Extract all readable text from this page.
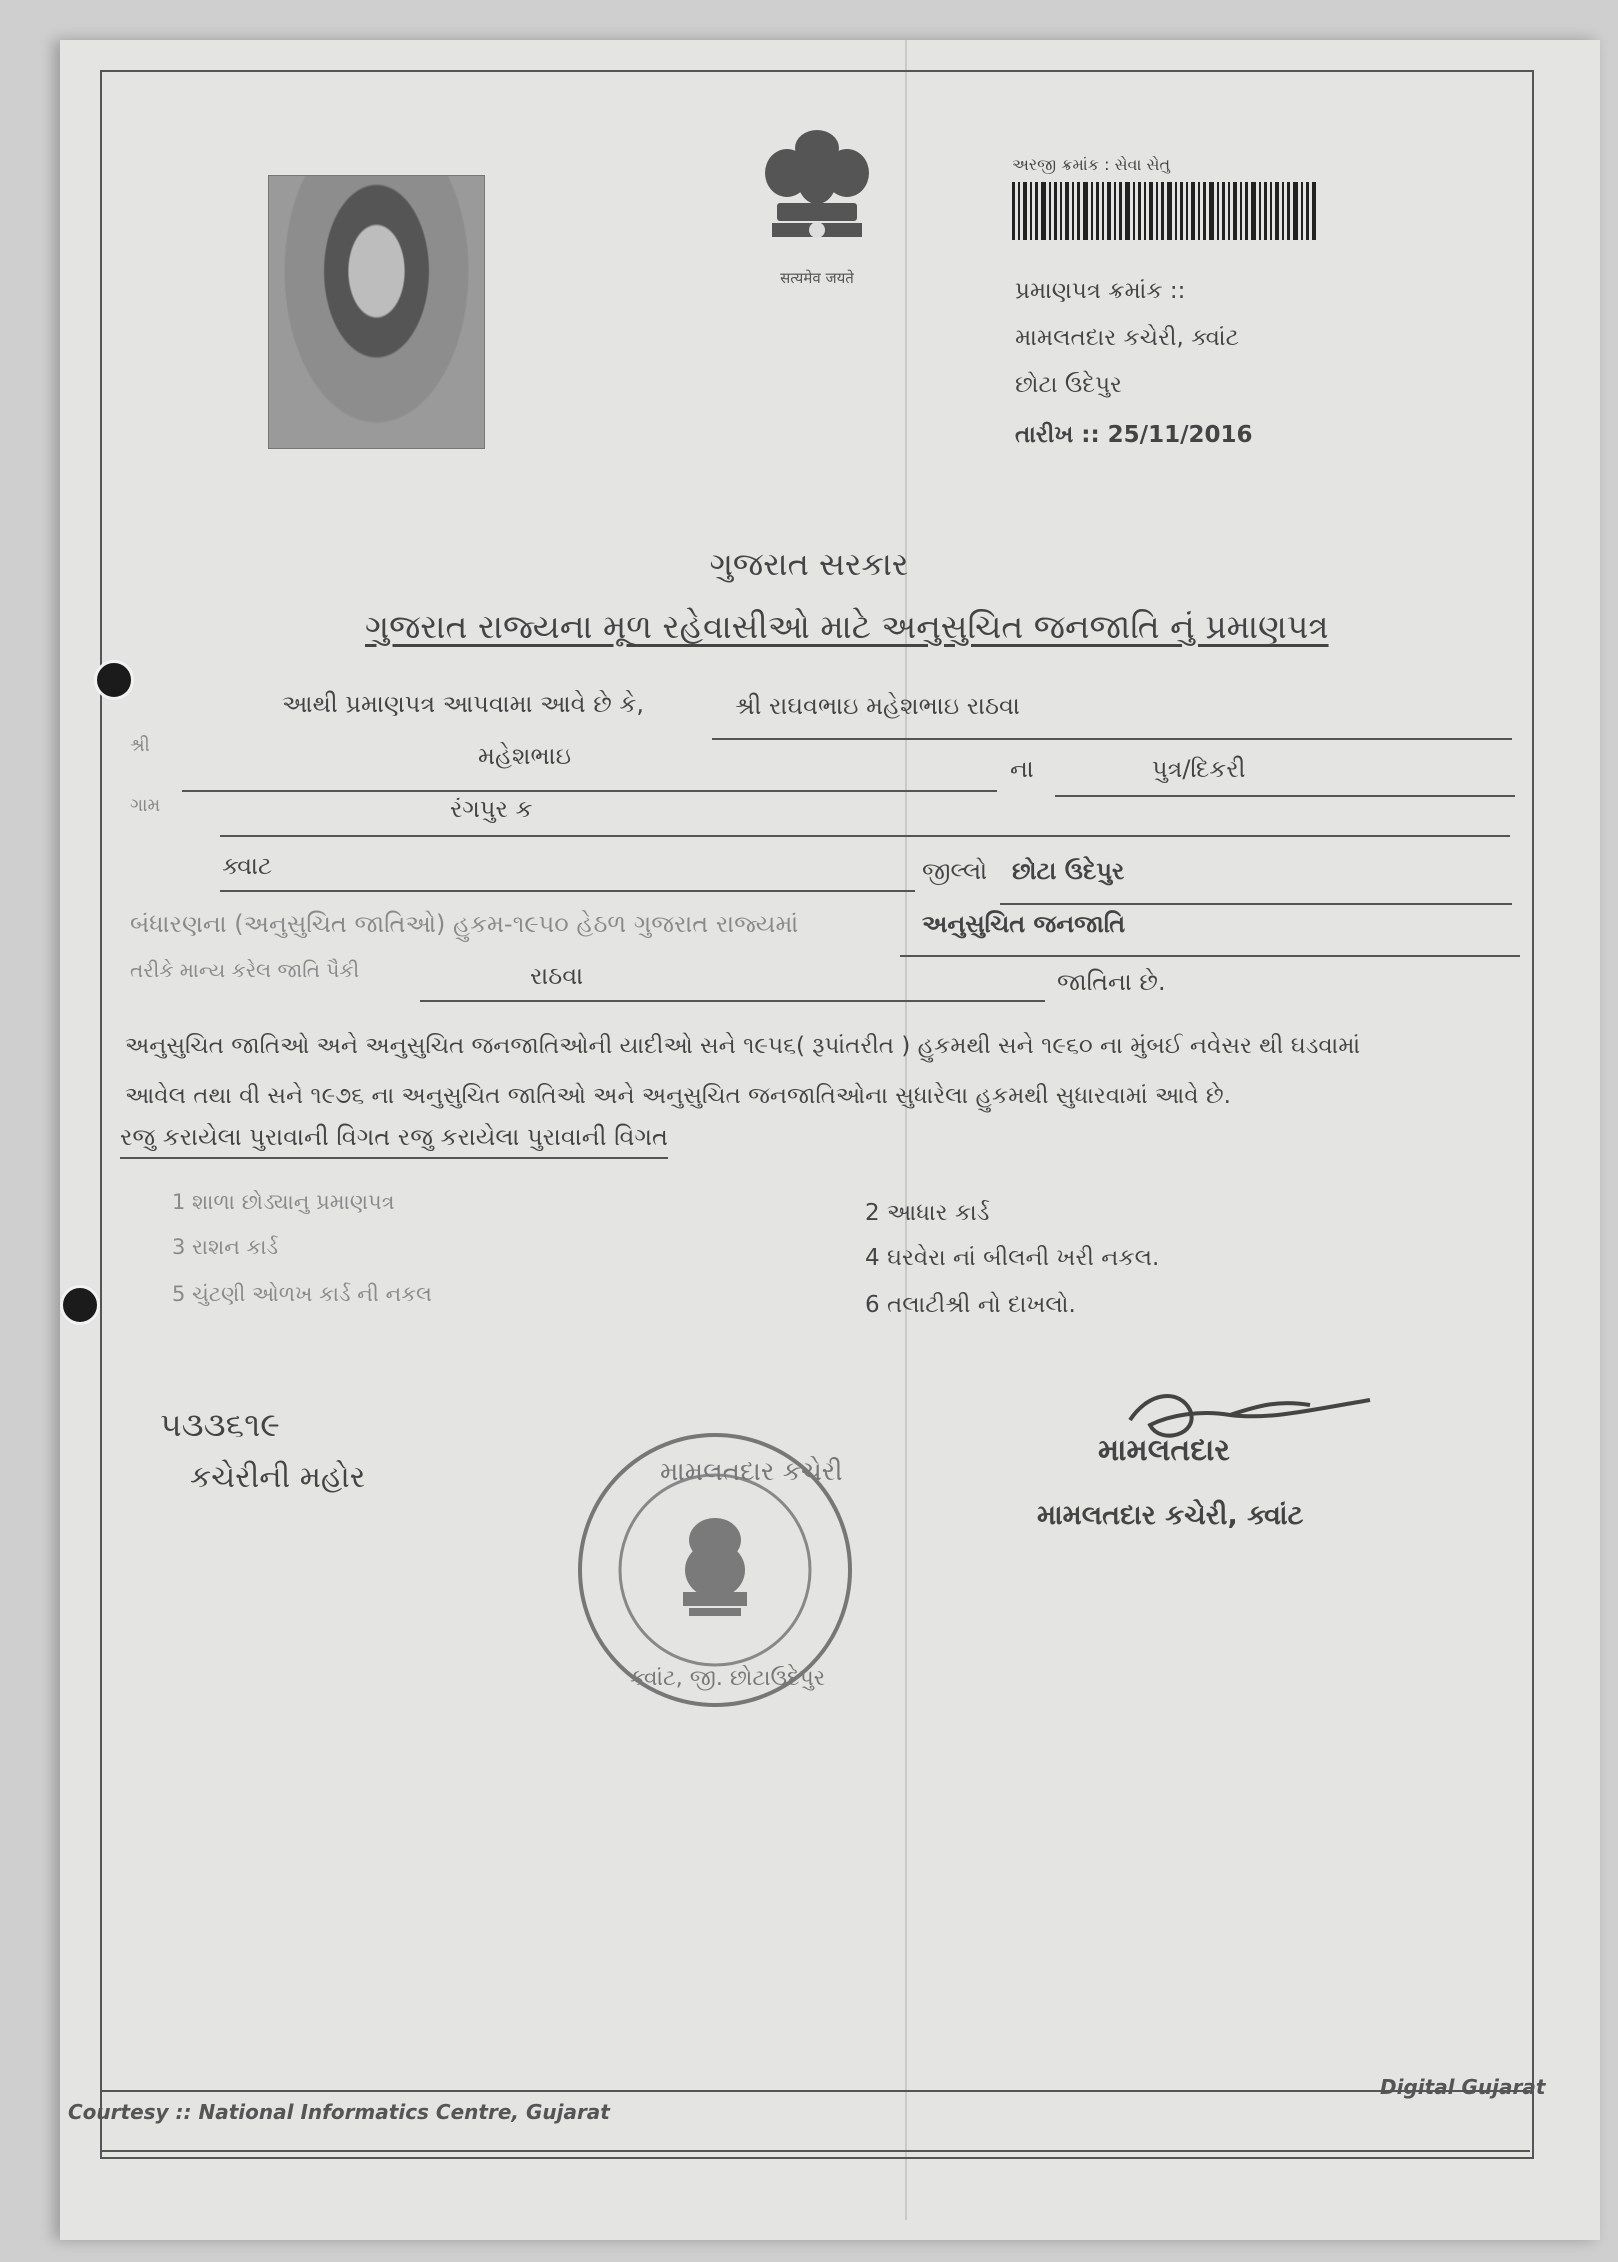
सत्यमेव जयते
અરજી ક્રમાંક : સેવા સેતુ
પ્રમાણપત્ર ક્રમાંક ::
મામલતદાર કચેરી, ક્વાંટ
છોટા ઉદેપુર
તારીખ :: 25/11/2016
ગુજરાત સરકાર
ગુજરાત રાજ્યના મૂળ રહેવાસીઓ માટે અનુસુચિત જનજાતિ નું પ્રમાણપત્ર
આથી પ્રમાણપત્ર આપવામા આવે છે કે,	શ્રી રાઘવભાઇ મહેશભાઇ રાઠવા
શ્રી	મહેશભાઇ	ના	પુત્ર/દિકરી
ગામ	રંગપુર ક
ક્વાટ	જીલ્લો છોટા ઉદેપુર
બંધારણના (અનુસુચિત જાતિઓ) હુકમ-૧૯૫૦ હેઠળ ગુજરાત રાજ્યમાં	અનુસુચિત જનજાતિ
તરીકે માન્ય કરેલ જાતિ પૈકી	રાઠવા	જાતિના છે.
અનુસુચિત જાતિઓ અને અનુસુચિત જનજાતિઓની યાદીઓ સને ૧૯૫૬( રૂપાંતરીત ) હુકમથી સને ૧૯૬૦ ના મુંબઈ નવેસર થી ઘડવામાં
આવેલ તથા વી સને ૧૯૭૬ ના અનુસુચિત જાતિઓ અને અનુસુચિત જનજાતિઓના સુધારેલા હુકમથી સુધારવામાં આવે છે.
રજુ કરાયેલા પુરાવાની વિગત રજુ કરાયેલા પુરાવાની વિગત
1 શાળા છોડ્યાનુ પ્રમાણપત્ર	2 આધાર કાર્ડ
3 રાશન કાર્ડ	4 ઘરવેરા નાં બીલની ખરી નકલ.
5 ચુંટણી ઓળખ કાર્ડ ની નકલ	6 તલાટીશ્રી નો દાખલો.
૫૩૩૬૧૯
કચેરીની મહોર	મામલતદાર કચેરી
ક્વાંટ, જી. છોટાઉદેપુર
મામલતદાર
મામલતદાર કચેરી, ક્વાંટ
Courtesy :: National Informatics Centre, Gujarat
Digital Gujarat
